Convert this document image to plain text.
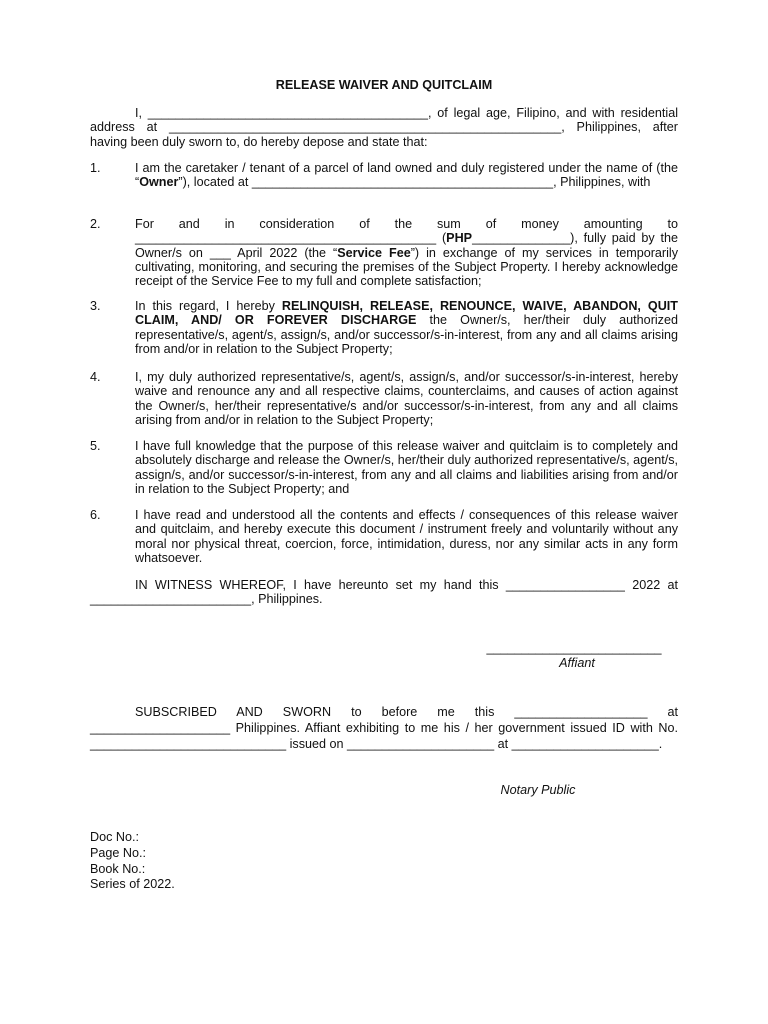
RELEASE WAIVER AND QUITCLAIM
I, ________________________________________, of legal age, Filipino, and with residential address at ________________________________________________________, Philippines, after having been duly sworn to, do hereby depose and state that:
1.	I am the caretaker / tenant of a parcel of land owned and duly registered under the name of (the “Owner”), located at ___________________________________________, Philippines, with
2.	For and in consideration of the sum of money amounting to ___________________________________________ (PHP______________), fully paid by the Owner/s on ___ April 2022 (the “Service Fee”) in exchange of my services in temporarily cultivating, monitoring, and securing the premises of the Subject Property. I hereby acknowledge receipt of the Service Fee to my full and complete satisfaction;
3.	In this regard, I hereby RELINQUISH, RELEASE, RENOUNCE, WAIVE, ABANDON, QUIT CLAIM, AND/ OR FOREVER DISCHARGE the Owner/s, her/their duly authorized representative/s, agent/s, assign/s, and/or successor/s-in-interest, from any and all claims arising from and/or in relation to the Subject Property;
4.	I, my duly authorized representative/s, agent/s, assign/s, and/or successor/s-in-interest, hereby waive and renounce any and all respective claims, counterclaims, and causes of action against the Owner/s, her/their representative/s and/or successor/s-in-interest, from any and all claims arising from and/or in relation to the Subject Property;
5.	I have full knowledge that the purpose of this release waiver and quitclaim is to completely and absolutely discharge and release the Owner/s, her/their duly authorized representative/s, agent/s, assign/s, and/or successor/s-in-interest, from any and all claims and liabilities arising from and/or in relation to the Subject Property; and
6.	I have read and understood all the contents and effects / consequences of this release waiver and quitclaim, and hereby execute this document / instrument freely and voluntarily without any moral nor physical threat, coercion, force, intimidation, duress, nor any similar acts in any form whatsoever.
IN WITNESS WHEREOF, I have hereunto set my hand this _________________ 2022 at _______________________, Philippines.
_________________________
Affiant
SUBSCRIBED AND SWORN to before me this ___________________ at ____________________ Philippines. Affiant exhibiting to me his / her government issued ID with No. ____________________________ issued on _____________________ at _____________________.
Notary Public
Doc No.:
Page No.:
Book No.:
Series of 2022.
